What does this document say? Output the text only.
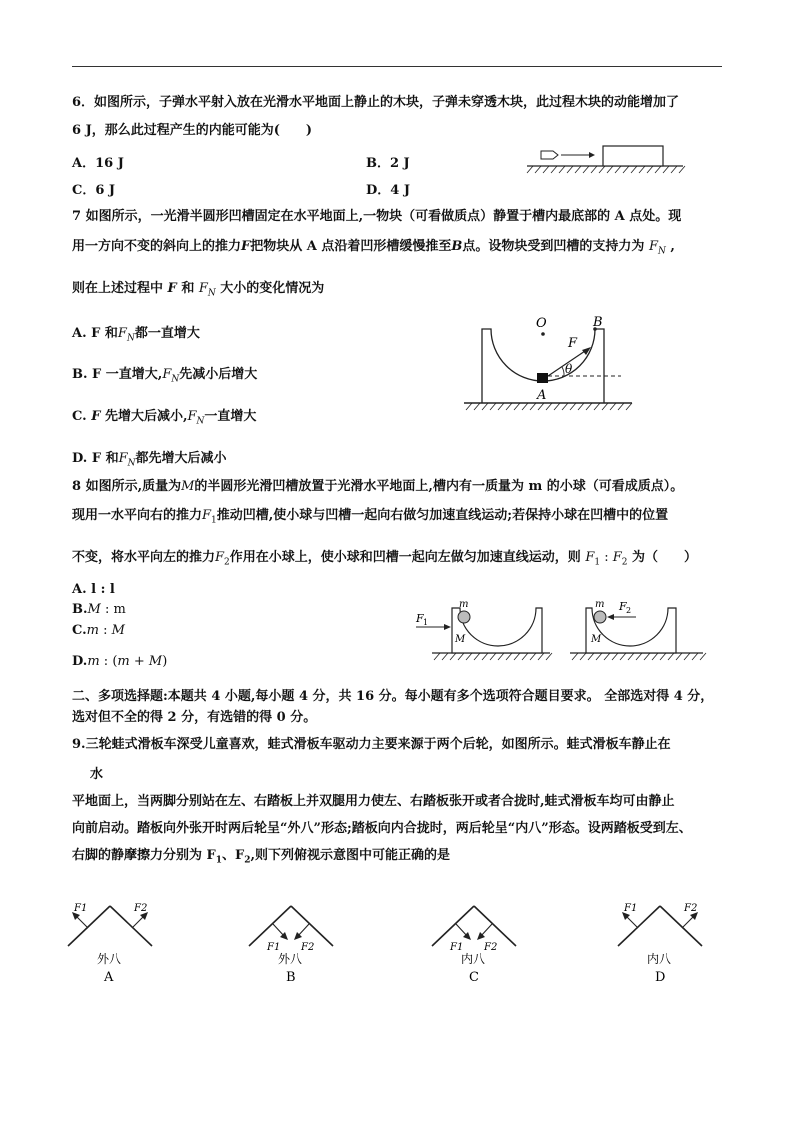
6．如图所示，子弹水平射入放在光滑水平地面上静止的木块，子弹未穿透木块，此过程木块的动能增加了
6 J，那么此过程产生的内能可能为(　　)
A．16 J	B．2 J
C．6 J	D．4 J
7 如图所示，一光滑半圆形凹槽固定在水平地面上,一物块（可看做质点）静置于槽内最底部的 A 点处。现
用一方向不变的斜向上的推力F把物块从 A 点沿着凹形槽缓慢推至B点。设物块受到凹槽的支持力为 $F_N$ ,
则在上述过程中 F 和 $F_N$ 大小的变化情况为
A. F 和$F_N$都一直增大
B. F 一直增大$,F_N$先减小后增大
C. F 先增大后减小$,F_N$一直增大
D. F 和$F_N$都先增大后减小
O	B
F
θ
A
8 如图所示,质量为M的半圆形光滑凹槽放置于光滑水平地面上,槽内有一质量为 m 的小球（可看成质点）。
现用一水平向右的推力$F_1$推动凹槽,使小球与凹槽一起向右做匀加速直线运动;若保持小球在凹槽中的位置
不变，将水平向左的推力$F_2$作用在小球上，使小球和凹槽一起向左做匀加速直线运动，则 $F_1$ : $F_2$ 为（　　）
A. l : l
B.M : m
C.m : M
D.m : (m + M)
F 1
m
M
F 2
m
M
二、多项选择题:本题共 4 小题,每小题 4 分，共 16 分。每小题有多个选项符合题目要求。 全部选对得 4 分，
选对但不全的得 2 分，有选错的得 0 分。
9.三轮蛙式滑板车深受儿童喜欢，蛙式滑板车驱动力主要来源于两个后轮，如图所示。蛙式滑板车静止在
水
平地面上，当两脚分别站在左、右踏板上并双腿用力使左、右踏板张开或者合拢时,蛙式滑板车均可由静止
向前启动。踏板向外张开时两后轮呈“外八”形态;踏板向内合拢时，两后轮呈“内八”形态。设两踏板受到左、
右脚的静摩擦力分别为 $F_1$、$F_2$,则下列俯视示意图中可能正确的是
F1	F2
外八
A
F1 F2
外八
B
F1 F2
内八
C
F1	F2
内八
D
